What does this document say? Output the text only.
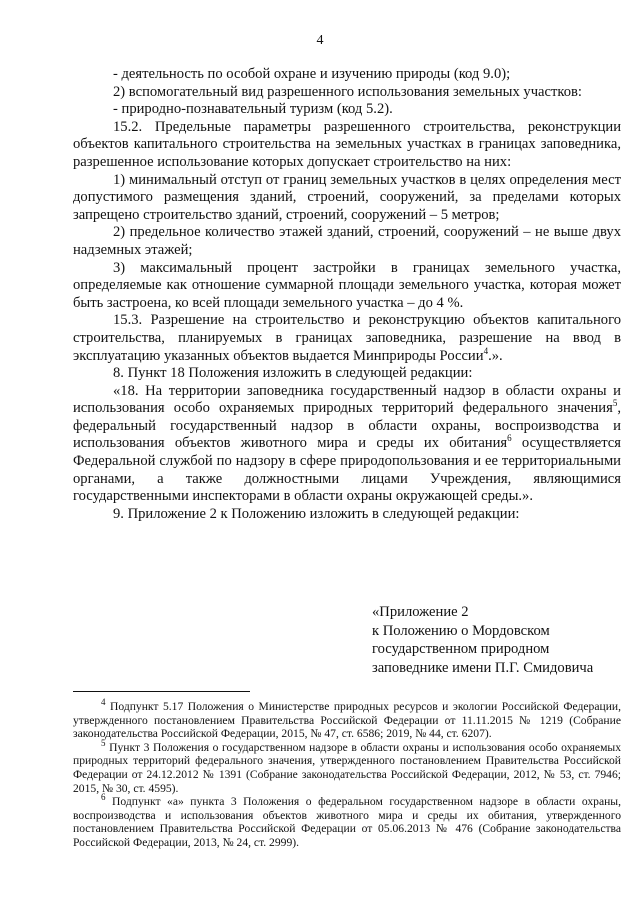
4

- деятельность по особой охране и изучению природы (код 9.0);

2) вспомогательный вид разрешенного использования земельных участков:

- природно-познавательный туризм (код 5.2).

15.2. Предельные параметры разрешенного строительства, реконструкции объектов капитального строительства на земельных участках в границах заповедника, разрешенное использование которых допускает строительство на них:

1) минимальный отступ от границ земельных участков в целях определения мест допустимого размещения зданий, строений, сооружений, за пределами которых запрещено строительство зданий, строений, сооружений – 5 метров;

2) предельное количество этажей зданий, строений, сооружений – не выше двух надземных этажей;

3) максимальный процент застройки в границах земельного участка, определяемые как отношение суммарной площади земельного участка, которая может быть застроена, ко всей площади земельного участка – до 4 %.

15.3. Разрешение на строительство и реконструкцию объектов капитального строительства, планируемых в границах заповедника, разрешение на ввод в эксплуатацию указанных объектов выдается Минприроды России$^4$.».

8. Пункт 18 Положения изложить в следующей редакции:

«18. На территории заповедника государственный надзор в области охраны и использования особо охраняемых природных территорий федерального значения$^5$, федеральный государственный надзор в области охраны, воспроизводства и использования объектов животного мира и среды их обитания$^6$ осуществляется Федеральной службой по надзору в сфере природопользования и ее территориальными органами, а также должностными лицами Учреждения, являющимися государственными инспекторами в области охраны окружающей среды.».

9. Приложение 2 к Положению изложить в следующей редакции:

«Приложение 2
к Положению о Мордовском
государственном природном
заповеднике имени П.Г. Смидовича

$^4$ Подпункт 5.17 Положения о Министерстве природных ресурсов и экологии Российской Федерации, утвержденного постановлением Правительства Российской Федерации от 11.11.2015 № 1219 (Собрание законодательства Российской Федерации, 2015, № 47, ст. 6586; 2019, № 44, ст. 6207).

$^5$ Пункт 3 Положения о государственном надзоре в области охраны и использования особо охраняемых природных территорий федерального значения, утвержденного постановлением Правительства Российской Федерации от 24.12.2012 № 1391 (Собрание законодательства Российской Федерации, 2012, № 53, ст. 7946; 2015, № 30, ст. 4595).

$^6$ Подпункт «а» пункта 3 Положения о федеральном государственном надзоре в области охраны, воспроизводства и использования объектов животного мира и среды их обитания, утвержденного постановлением Правительства Российской Федерации от 05.06.2013 № 476 (Собрание законодательства Российской Федерации, 2013, № 24, ст. 2999).
